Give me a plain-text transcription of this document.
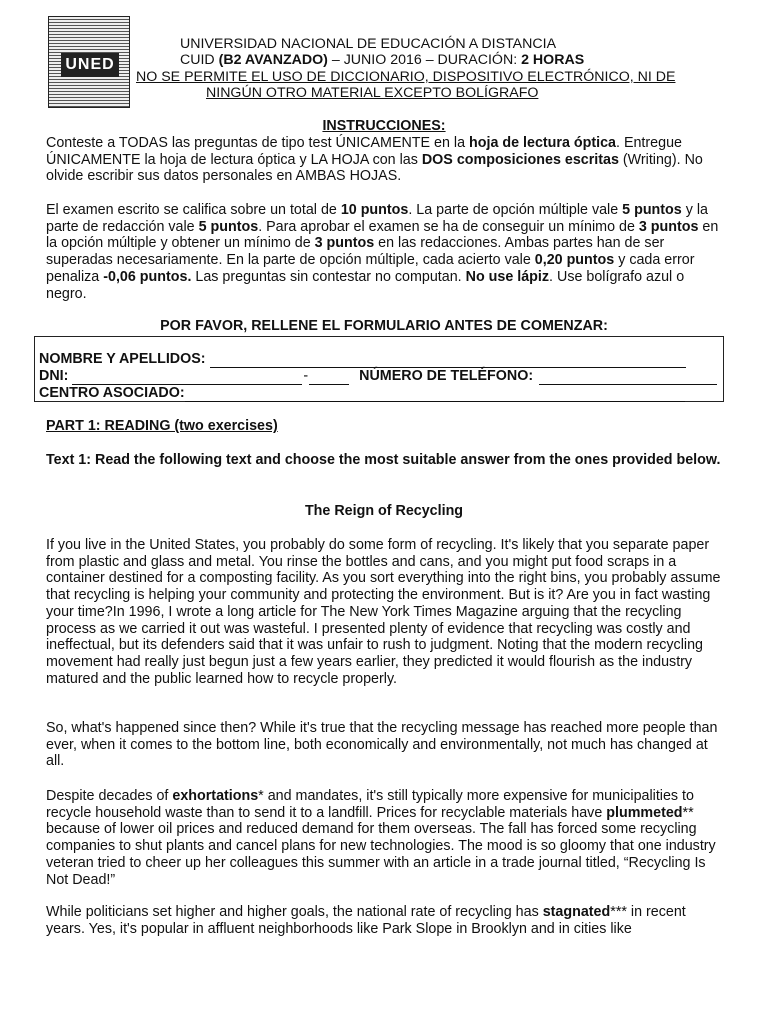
UNED
UNIVERSIDAD NACIONAL DE EDUCACIÓN A DISTANCIA
CUID (B2 AVANZADO) – JUNIO 2016 – DURACIÓN: 2 HORAS
NO SE PERMITE EL USO DE DICCIONARIO, DISPOSITIVO ELECTRÓNICO, NI DE
NINGÚN OTRO MATERIAL EXCEPTO BOLÍGRAFO
INSTRUCCIONES:

Conteste a TODAS las preguntas de tipo test ÚNICAMENTE en la hoja de lectura óptica. Entregue ÚNICAMENTE la hoja de lectura óptica y LA HOJA con las DOS composiciones escritas (Writing). No olvide escribir sus datos personales en AMBAS HOJAS.

El examen escrito se califica sobre un total de 10 puntos. La parte de opción múltiple vale 5 puntos y la parte de redacción vale 5 puntos. Para aprobar el examen se ha de conseguir un mínimo de 3 puntos en la opción múltiple y obtener un mínimo de 3 puntos en las redacciones. Ambas partes han de ser superadas necesariamente. En la parte de opción múltiple, cada acierto vale 0,20 puntos y cada error penaliza -0,06 puntos. Las preguntas sin contestar no computan. No use lápiz. Use bolígrafo azul o negro.

POR FAVOR, RELLENE EL FORMULARIO ANTES DE COMENZAR:
NOMBRE Y APELLIDOS:
DNI:	-	NÚMERO DE TELÉFONO:
CENTRO ASOCIADO:
PART 1: READING (two exercises)

Text 1: Read the following text and choose the most suitable answer from the ones provided below.

The Reign of Recycling

If you live in the United States, you probably do some form of recycling. It's likely that you separate paper from plastic and glass and metal. You rinse the bottles and cans, and you might put food scraps in a container destined for a composting facility. As you sort everything into the right bins, you probably assume that recycling is helping your community and protecting the environment. But is it? Are you in fact wasting your time?In 1996, I wrote a long article for The New York Times Magazine arguing that the recycling process as we carried it out was wasteful. I presented plenty of evidence that recycling was costly and ineffectual, but its defenders said that it was unfair to rush to judgment. Noting that the modern recycling movement had really just begun just a few years earlier, they predicted it would flourish as the industry matured and the public learned how to recycle properly.

So, what's happened since then? While it's true that the recycling message has reached more people than ever, when it comes to the bottom line, both economically and environmentally, not much has changed at all.

Despite decades of exhortations* and mandates, it's still typically more expensive for municipalities to recycle household waste than to send it to a landfill. Prices for recyclable materials have plummeted** because of lower oil prices and reduced demand for them overseas. The fall has forced some recycling companies to shut plants and cancel plans for new technologies. The mood is so gloomy that one industry veteran tried to cheer up her colleagues this summer with an article in a trade journal titled, “Recycling Is Not Dead!”

While politicians set higher and higher goals, the national rate of recycling has stagnated*** in recent years. Yes, it's popular in affluent neighborhoods like Park Slope in Brooklyn and in cities like
